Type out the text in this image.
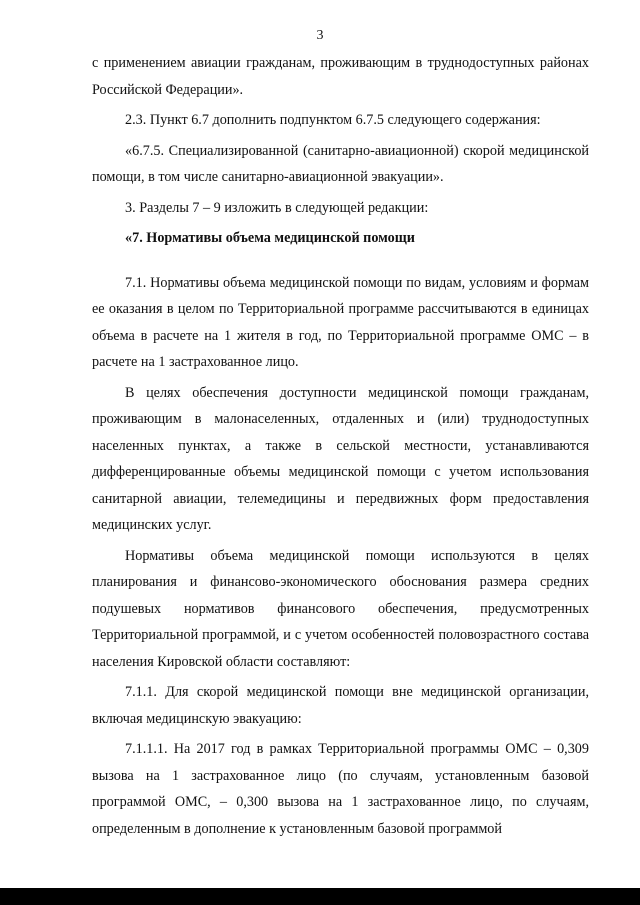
3

с применением авиации гражданам, проживающим в труднодоступных районах Российской Федерации».

2.3. Пункт 6.7 дополнить подпунктом 6.7.5 следующего содержания:

«6.7.5. Специализированной (санитарно-авиационной) скорой медицинской помощи, в том числе санитарно-авиационной эвакуации».

3. Разделы 7 – 9 изложить в следующей редакции:

«7. Нормативы объема медицинской помощи

7.1. Нормативы объема медицинской помощи по видам, условиям и формам ее оказания в целом по Территориальной программе рассчитываются в единицах объема в расчете на 1 жителя в год, по Территориальной программе ОМС – в расчете на 1 застрахованное лицо.

В целях обеспечения доступности медицинской помощи гражданам, проживающим в малонаселенных, отдаленных и (или) труднодоступных населенных пунктах, а также в сельской местности, устанавливаются дифференцированные объемы медицинской помощи с учетом использования санитарной авиации, телемедицины и передвижных форм предоставления медицинских услуг.

Нормативы объема медицинской помощи используются в целях планирования и финансово-экономического обоснования размера средних подушевых нормативов финансового обеспечения, предусмотренных Территориальной программой, и с учетом особенностей половозрастного состава населения Кировской области составляют:

7.1.1. Для скорой медицинской помощи вне медицинской организации, включая медицинскую эвакуацию:

7.1.1.1. На 2017 год в рамках Территориальной программы ОМС – 0,309 вызова на 1 застрахованное лицо (по случаям, установленным базовой программой ОМС, – 0,300 вызова на 1 застрахованное лицо, по случаям, определенным в дополнение к установленным базовой программой
